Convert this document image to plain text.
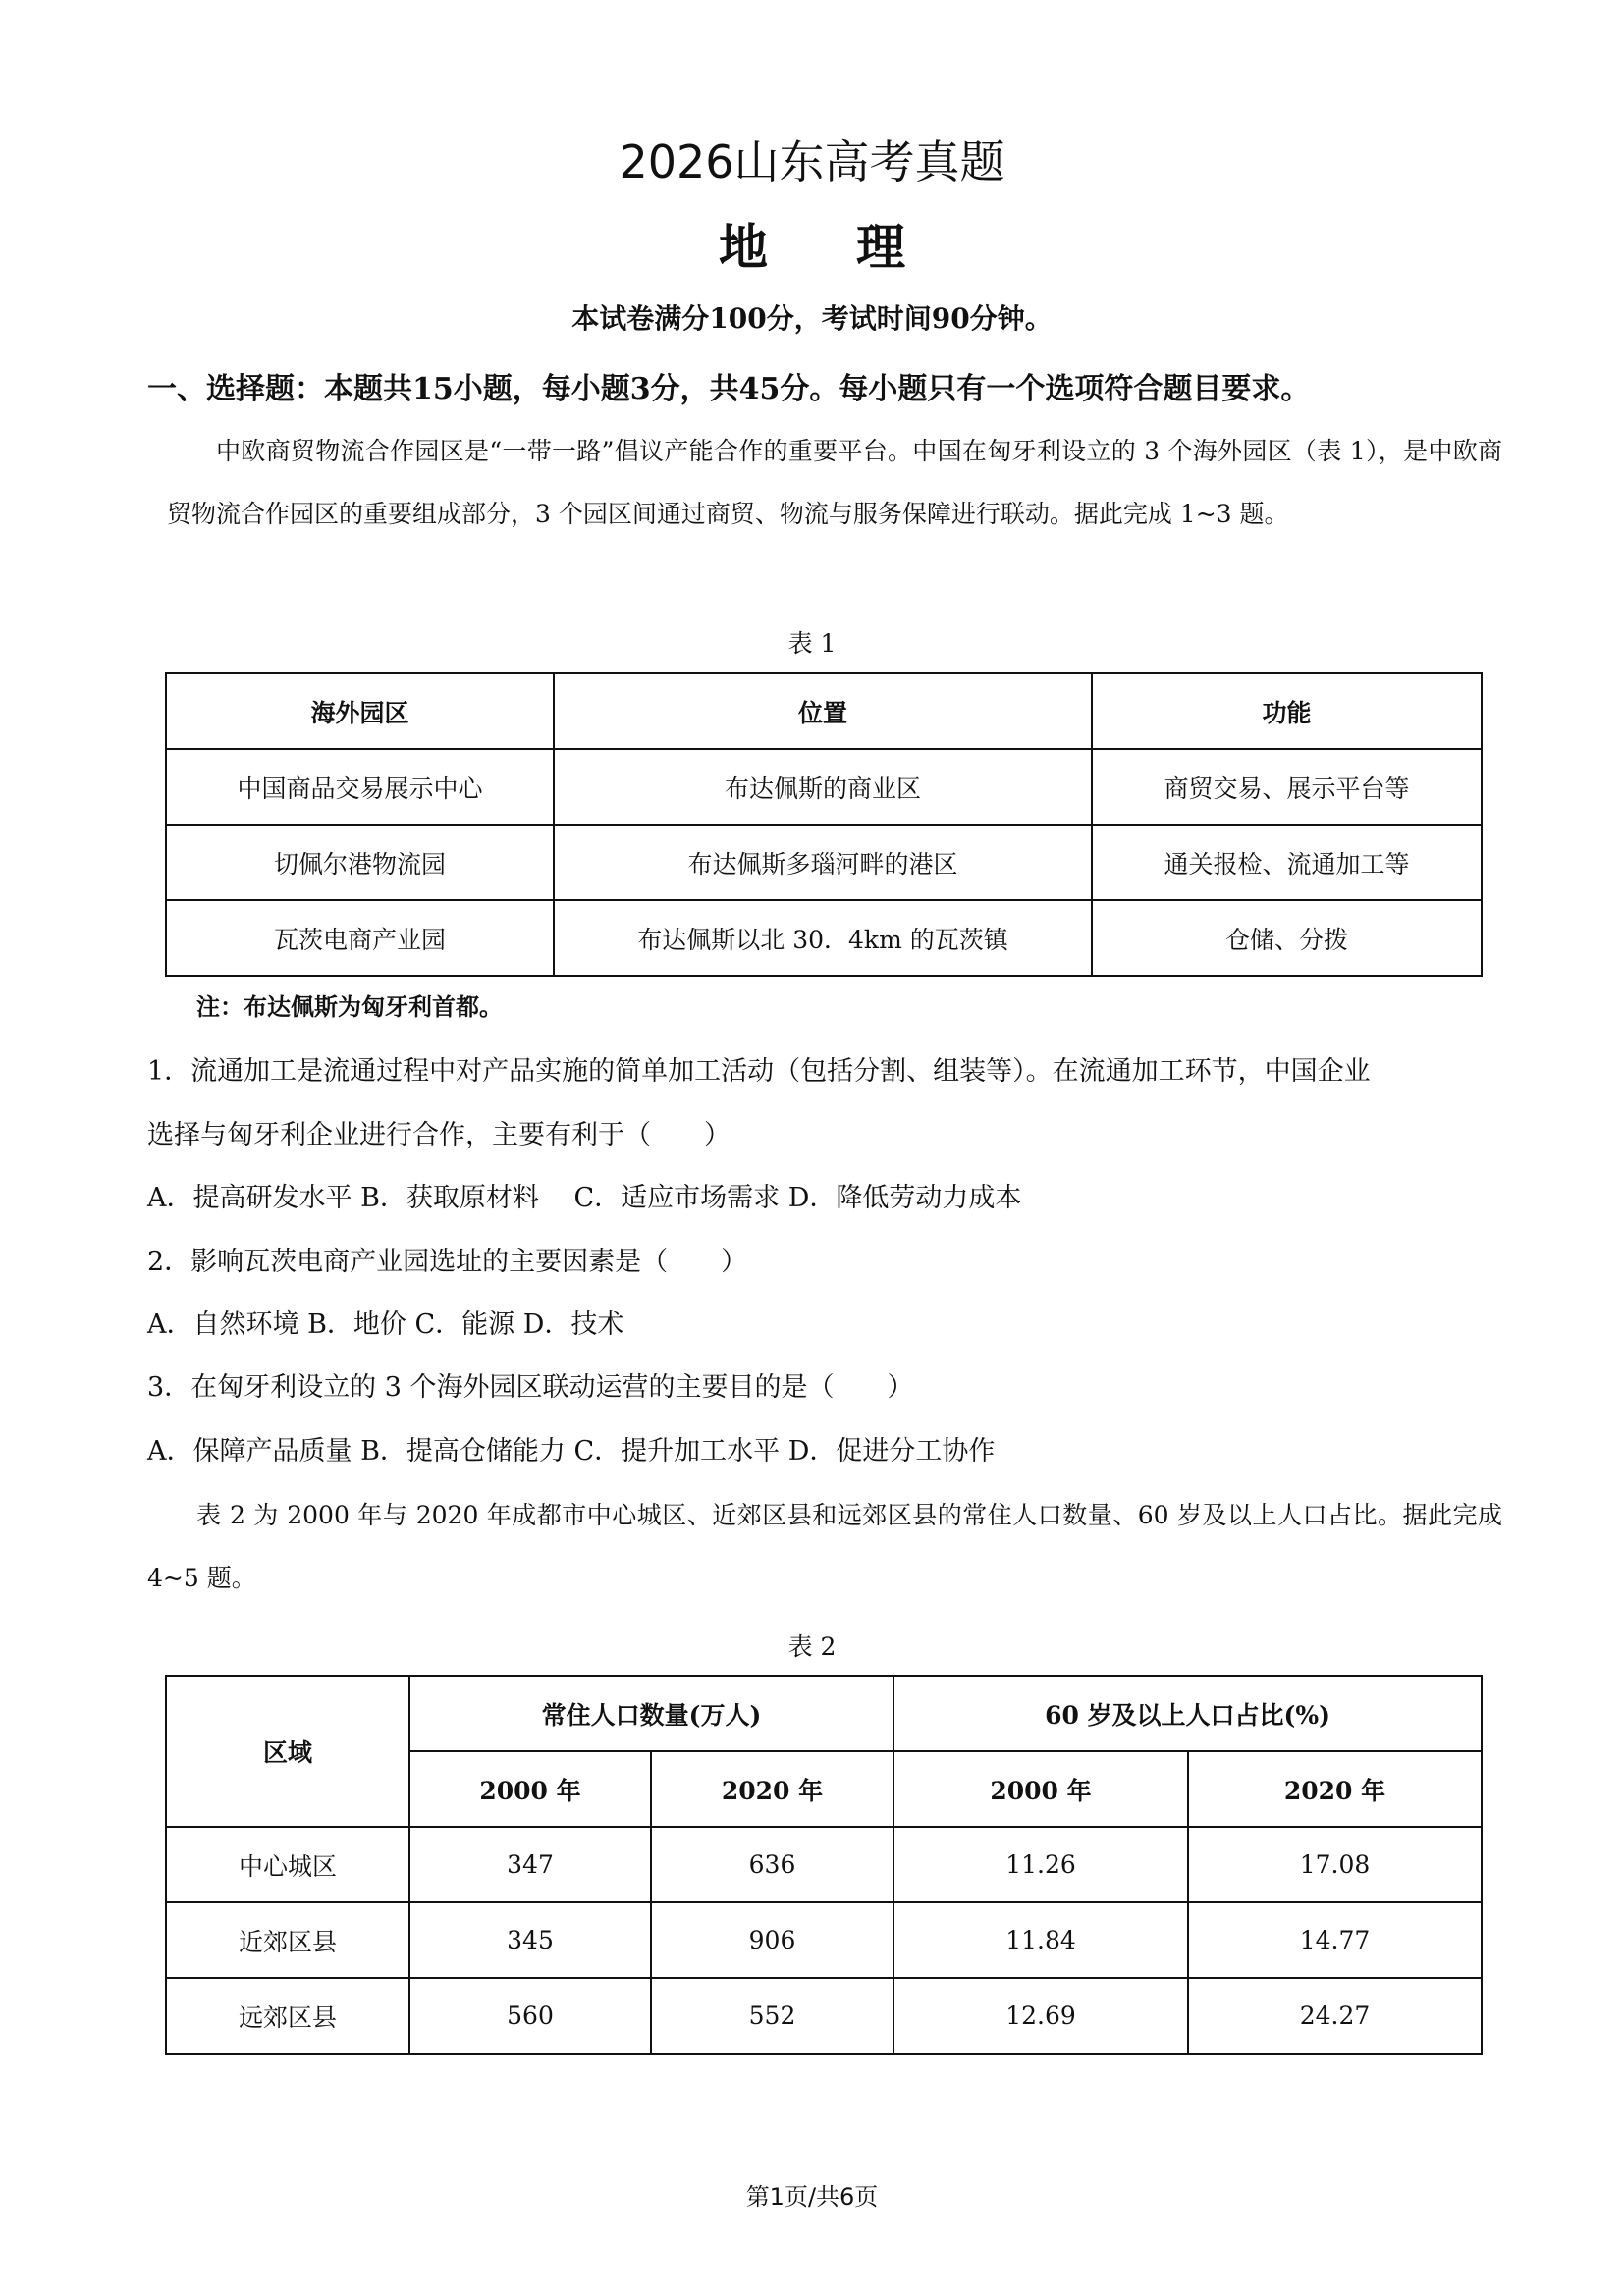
2026山东高考真题
地理
本试卷满分100分，考试时间90分钟。
一、选择题：本题共15小题，每小题3分，共45分。每小题只有一个选项符合题目要求。
中欧商贸物流合作园区是“一带一路”倡议产能合作的重要平台。中国在匈牙利设立的 3 个海外园区（表 1），是中欧商贸物流合作园区的重要组成部分，3 个园区间通过商贸、物流与服务保障进行联动。据此完成 1~3 题。
表 1
海外园区	位置	功能
中国商品交易展示中心	布达佩斯的商业区	商贸交易、展示平台等
切佩尔港物流园	布达佩斯多瑙河畔的港区	通关报检、流通加工等
瓦茨电商产业园	布达佩斯以北 30．4km 的瓦茨镇	仓储、分拨
注：布达佩斯为匈牙利首都。
1．流通加工是流通过程中对产品实施的简单加工活动（包括分割、组装等）。在流通加工环节，中国企业
选择与匈牙利企业进行合作，主要有利于（　　）
A．提高研发水平 B．获取原材料　 C．适应市场需求 D．降低劳动力成本
2．影响瓦茨电商产业园选址的主要因素是（　　）
A．自然环境 B．地价 C．能源 D．技术
3．在匈牙利设立的 3 个海外园区联动运营的主要目的是（　　）
A．保障产品质量 B．提高仓储能力 C．提升加工水平 D．促进分工协作
表 2 为 2000 年与 2020 年成都市中心城区、近郊区县和远郊区县的常住人口数量、60 岁及以上人口占比。据此完成 4~5 题。
表 2
区域	常住人口数量(万人)		60 岁及以上人口占比(%)	
	2000 年	2020 年	2000 年	2020 年
中心城区	347	636	11.26	17.08
近郊区县	345	906	11.84	14.77
远郊区县	560	552	12.69	24.27
第1页/共6页
